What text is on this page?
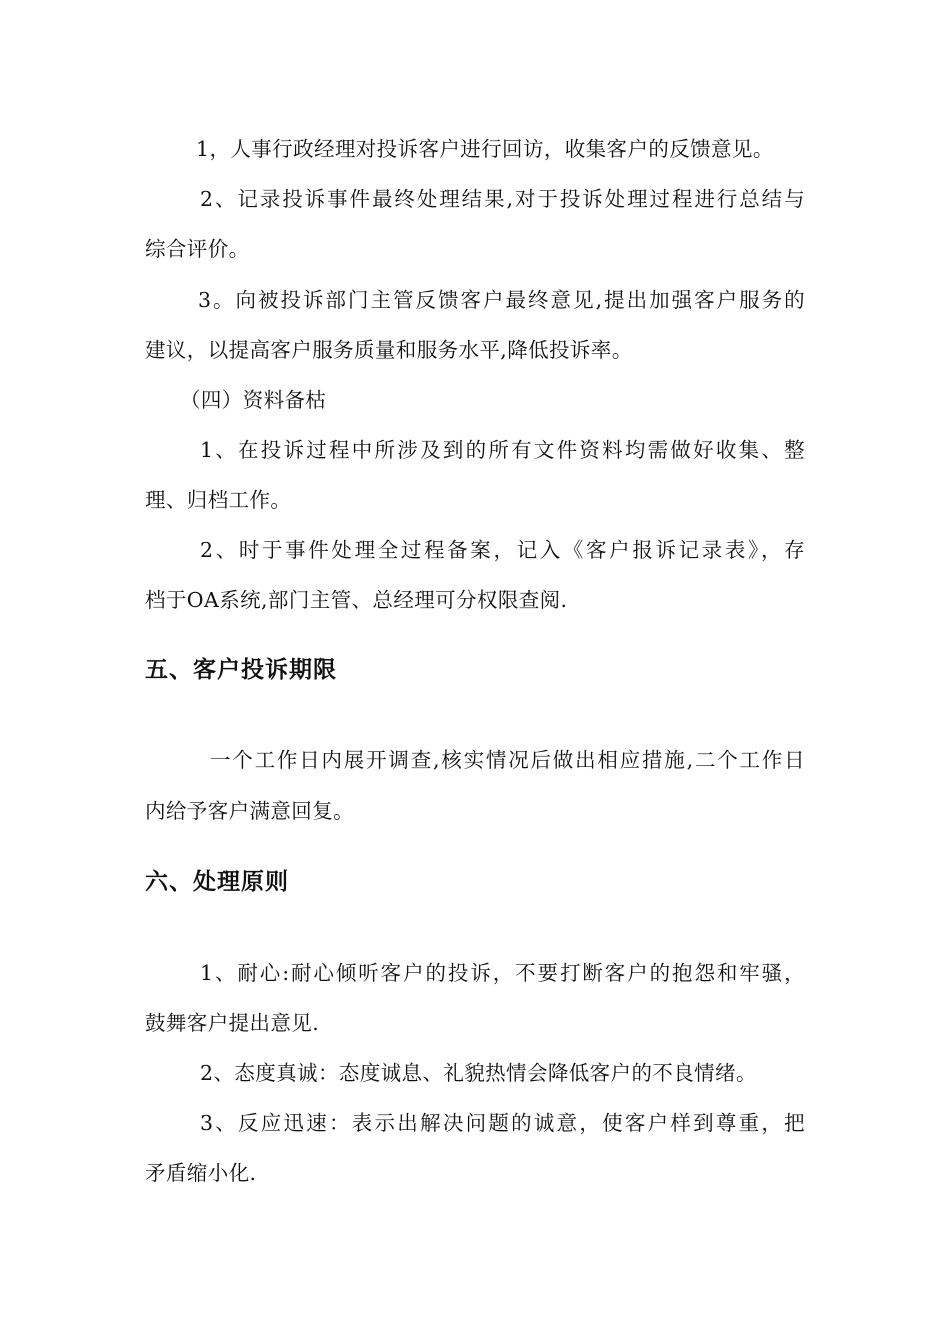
1，人事行政经理对投诉客户进行回访，收集客户的反馈意见。
2、记录投诉事件最终处理结果,对于投诉处理过程进行总结与
综合评价。
3。向被投诉部门主管反馈客户最终意见,提出加强客户服务的
建议，以提高客户服务质量和服务水平,降低投诉率。
（四）资料备枯
1、在投诉过程中所涉及到的所有文件资料均需做好收集、整
理、归档工作。
2、时于事件处理全过程备案，记入《客户报诉记录表》，存
档于OA系统,部门主管、总经理可分权限查阅.
五、客户投诉期限
一个工作日内展开调查,核实情况后做出相应措施,二个工作日
内给予客户满意回复。
六、处理原则
1、耐心:耐心倾听客户的投诉，不要打断客户的抱怨和牢骚，
鼓舞客户提出意见.
2、态度真诚：态度诚息、礼貌热情会降低客户的不良情绪。
3、反应迅速：表示出解决问题的诚意，使客户样到尊重，把
矛盾缩小化.
